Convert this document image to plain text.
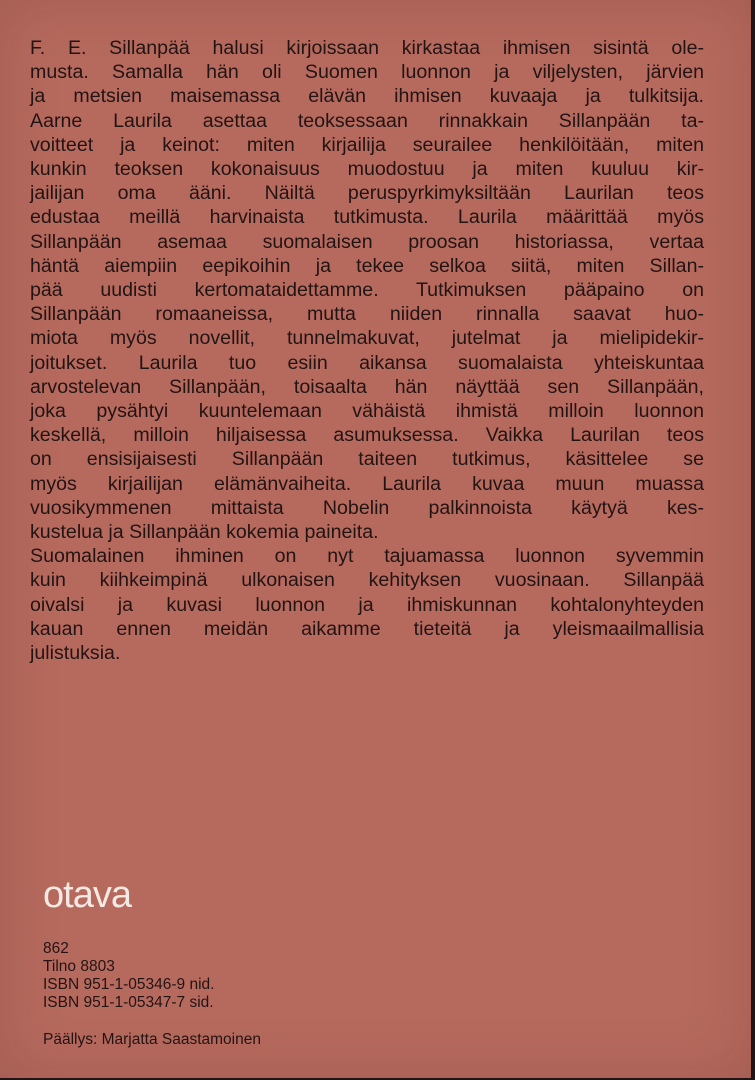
F. E. Sillanpää halusi kirjoissaan kirkastaa ihmisen sisintä ole-
musta. Samalla hän oli Suomen luonnon ja viljelysten, järvien
ja metsien maisemassa elävän ihmisen kuvaaja ja tulkitsija.
Aarne Laurila asettaa teoksessaan rinnakkain Sillanpään ta-
voitteet ja keinot: miten kirjailija seurailee henkilöitään, miten
kunkin teoksen kokonaisuus muodostuu ja miten kuuluu kir-
jailijan oma ääni. Näiltä peruspyrkimyksiltään Laurilan teos
edustaa meillä harvinaista tutkimusta. Laurila määrittää myös
Sillanpään asemaa suomalaisen proosan historiassa, vertaa
häntä aiempiin eepikoihin ja tekee selkoa siitä, miten Sillan-
pää uudisti kertomataidettamme. Tutkimuksen pääpaino on
Sillanpään romaaneissa, mutta niiden rinnalla saavat huo-
miota myös novellit, tunnelmakuvat, jutelmat ja mielipidekir-
joitukset. Laurila tuo esiin aikansa suomalaista yhteiskuntaa
arvostelevan Sillanpään, toisaalta hän näyttää sen Sillanpään,
joka pysähtyi kuuntelemaan vähäistä ihmistä milloin luonnon
keskellä, milloin hiljaisessa asumuksessa. Vaikka Laurilan teos
on ensisijaisesti Sillanpään taiteen tutkimus, käsittelee se
myös kirjailijan elämänvaiheita. Laurila kuvaa muun muassa
vuosikymmenen mittaista Nobelin palkinnoista käytyä kes-
kustelua ja Sillanpään kokemia paineita.
Suomalainen ihminen on nyt tajuamassa luonnon syvemmin
kuin kiihkeimpinä ulkonaisen kehityksen vuosinaan. Sillanpää
oivalsi ja kuvasi luonnon ja ihmiskunnan kohtalonyhteyden
kauan ennen meidän aikamme tieteitä ja yleismaailmallisia
julistuksia.
otava
862
Tilno 8803
ISBN 951-1-05346-9 nid.
ISBN 951-1-05347-7 sid.
Päällys: Marjatta Saastamoinen
